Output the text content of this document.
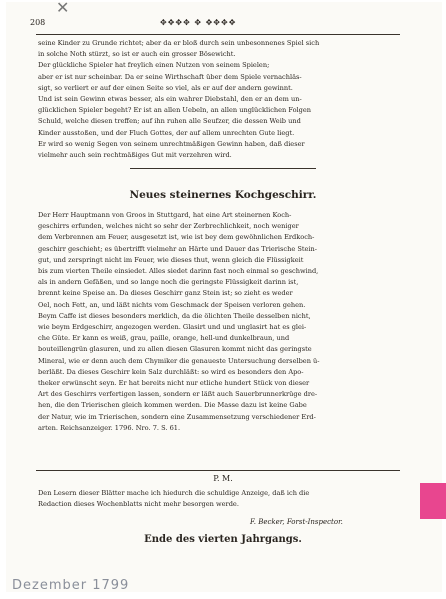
✕
208	✥✥✥✥ ✥ ✥✥✥✥
seine Kinder zu Grunde richtet; aber da er bloß durch sein unbesonnenes Spiel sich
in solche Noth stürzt, so ist er auch ein grosser Bösewicht.
Der glückliche Spieler hat freylich einen Nutzen von seinem Spielen;
aber er ist nur scheinbar. Da er seine Wirthschaft über dem Spiele vernachläs-
sigt, so verliert er auf der einen Seite so viel, als er auf der andern gewinnt.
Und ist sein Gewinn etwas besser, als ein wahrer Diebstahl, den er an dem un-
glücklichen Spieler begeht? Er ist an allen Uebeln, an allen unglücklichen Folgen
Schuld, welche diesen treffen; auf ihn ruhen alle Seufzer, die dessen Weib und
Kinder ausstoßen, und der Fluch Gottes, der auf allem unrechten Gute liegt.
Er wird so wenig Segen von seinem unrechtmäßigen Gewinn haben, daß dieser
vielmehr auch sein rechtmäßiges Gut mit verzehren wird.
Neues steinernes Kochgeschirr.
Der Herr Hauptmann von Groos in Stuttgard, hat eine Art steinernen Koch-
geschirrs erfunden, welches nicht so sehr der Zerbrechlichkeit, noch weniger
dem Verbrennen am Feuer, ausgesetzt ist, wie ist bey dem gewöhnlichen Erdkoch-
geschirr geschieht; es übertrifft vielmehr an Härte und Dauer das Trierische Stein-
gut, und zerspringt nicht im Feuer, wie dieses thut, wenn gleich die Flüssigkeit
bis zum vierten Theile einsiedet. Alles siedet darinn fast noch einmal so geschwind,
als in andern Gefäßen, und so lange noch die geringste Flüssigkeit darinn ist,
brennt keine Speise an. Da dieses Geschirr ganz Stein ist; so zieht es weder
Oel, noch Fett, an, und läßt nichts vom Geschmack der Speisen verloren gehen.
Beym Caffe ist dieses besonders merklich, da die ölichten Theile desselben nicht,
wie beym Erdgeschirr, angezogen werden. Glasirt und und unglasirt hat es glei-
che Güte. Er kann es weiß, grau, paille, orange, hell-und dunkelbraun, und
bouteillengrün glasuren, und zu allen diesen Glasuren kommt nicht das geringste
Mineral, wie er denn auch dem Chymiker die genaueste Untersuchung derselben ü-
berläßt. Da dieses Geschirr kein Salz durchläßt: so wird es besonders den Apo-
theker erwünscht seyn. Er hat bereits nicht nur etliche hundert Stück von dieser
Art des Geschirrs verfertigen lassen, sondern er läßt auch Sauerbrunnerkrüge dre-
hen, die den Trierischen gleich kommen werden. Die Masse dazu ist keine Gabe
der Natur, wie im Trierischen, sondern eine Zusammensetzung verschiedener Erd-
arten. Reichsanzeiger. 1796. Nro. 7. S. 61.
P. M.
Den Lesern dieser Blätter mache ich hiedurch die schuldige Anzeige, daß ich die
Redaction dieses Wochenblatts nicht mehr besorgen werde.
F. Becker, Forst-Inspector.
Ende des vierten Jahrgangs.
Dezember 1799
